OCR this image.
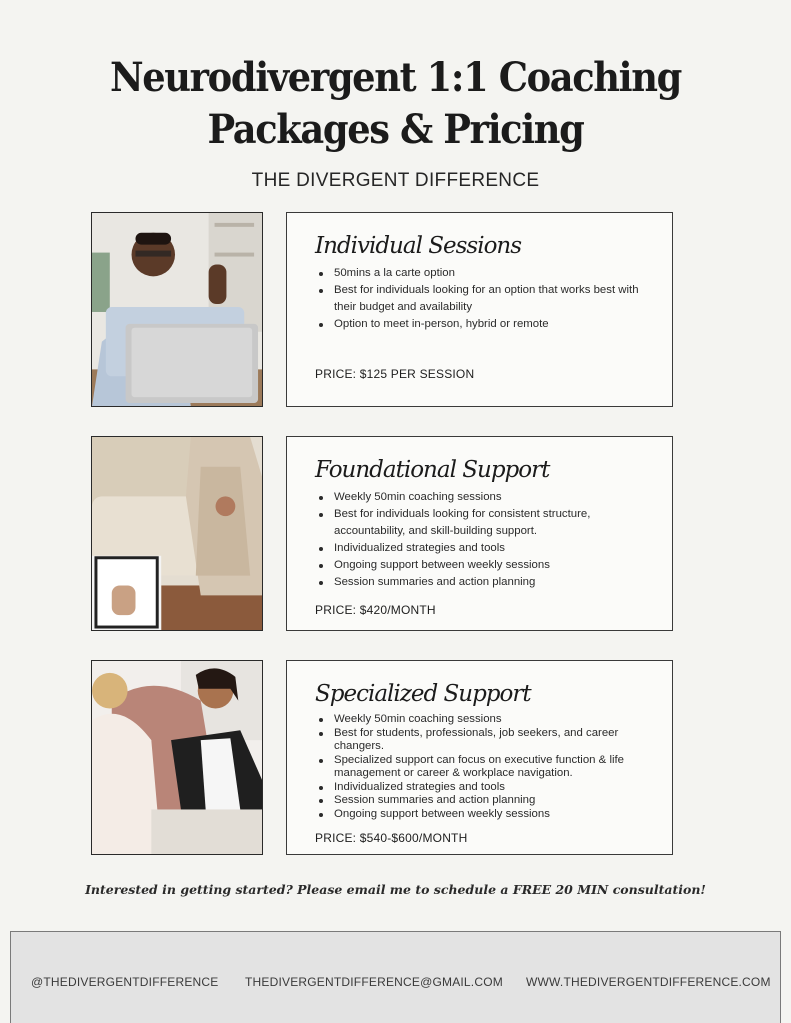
Neurodivergent 1:1 Coaching
Packages & Pricing
THE DIVERGENT DIFFERENCE
Individual Sessions
50mins a la carte option
Best for individuals looking for an option that works best with their budget and availability
Option to meet in-person, hybrid or remote
PRICE: $125 PER SESSION
Foundational Support
Weekly 50min coaching sessions
Best for individuals looking for consistent structure, accountability, and skill-building support.
Individualized strategies and tools
Ongoing support between weekly sessions
Session summaries and action planning
PRICE: $420/MONTH
Specialized Support
Weekly 50min coaching sessions
Best for students, professionals, job seekers, and career changers.
Specialized support can focus on executive function & life management or career & workplace navigation.
Individualized strategies and tools
Session summaries and action planning
Ongoing support between weekly sessions
PRICE: $540-$600/MONTH
Interested in getting started? Please email me to schedule a FREE 20 MIN consultation!
@THEDIVERGENTDIFFERENCE THEDIVERGENTDIFFERENCE@GMAIL.COM WWW.THEDIVERGENTDIFFERENCE.COM
